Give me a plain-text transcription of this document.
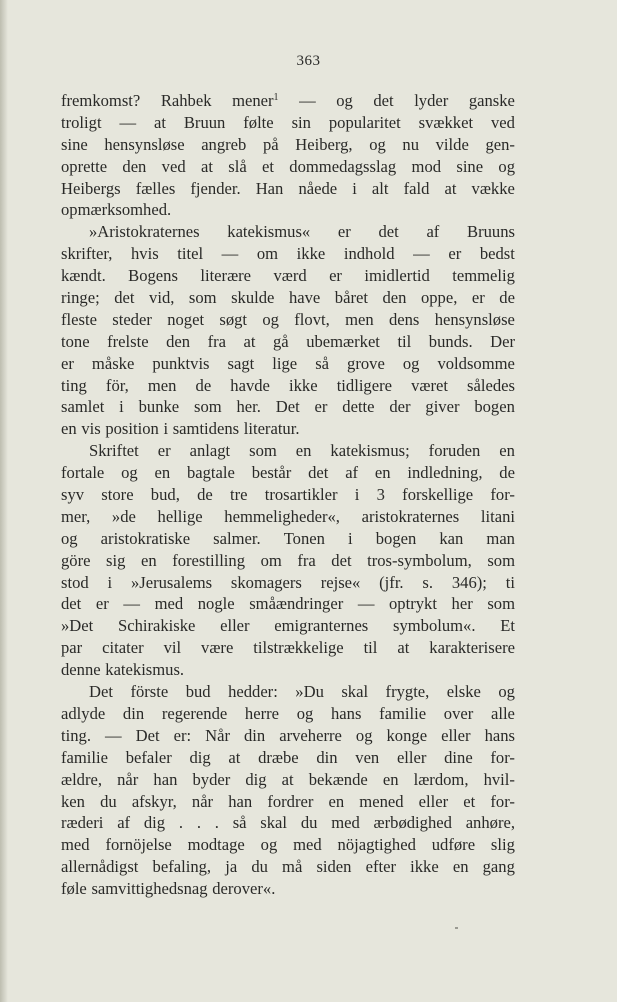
363
fremkomst? Rahbek mener$^1$ — og det lyder ganske
troligt — at Bruun følte sin popularitet svækket ved
sine hensynsløse angreb på Heiberg, og nu vilde gen-
oprette den ved at slå et dommedagsslag mod sine og
Heibergs fælles fjender. Han nåede i alt fald at vække
opmærksomhed.
»Aristokraternes katekismus« er det af Bruuns
skrifter, hvis titel — om ikke indhold — er bedst
kændt. Bogens literære værd er imidlertid temmelig
ringe; det vid, som skulde have båret den oppe, er de
fleste steder noget søgt og flovt, men dens hensynsløse
tone frelste den fra at gå ubemærket til bunds. Der
er måske punktvis sagt lige så grove og voldsomme
ting för, men de havde ikke tidligere været således
samlet i bunke som her. Det er dette der giver bogen
en vis position i samtidens literatur.
Skriftet er anlagt som en katekismus; foruden en
fortale og en bagtale består det af en indledning, de
syv store bud, de tre trosartikler i 3 forskellige for-
mer, »de hellige hemmeligheder«, aristokraternes litani
og aristokratiske salmer. Tonen i bogen kan man
göre sig en forestilling om fra det tros-symbolum, som
stod i »Jerusalems skomagers rejse« (jfr. s. 346); ti
det er — med nogle småændringer — optrykt her som
»Det Schirakiske eller emigranternes symbolum«. Et
par citater vil være tilstrækkelige til at karakterisere
denne katekismus.
Det förste bud hedder: »Du skal frygte, elske og
adlyde din regerende herre og hans familie over alle
ting. — Det er: Når din arveherre og konge eller hans
familie befaler dig at dræbe din ven eller dine for-
ældre, når han byder dig at bekænde en lærdom, hvil-
ken du afskyr, når han fordrer en mened eller et for-
ræderi af dig . . . så skal du med ærbødighed anhøre,
med fornöjelse modtage og med nöjagtighed udføre slig
allernådigst befaling, ja du må siden efter ikke en gang
føle samvittighedsnag derover«.
